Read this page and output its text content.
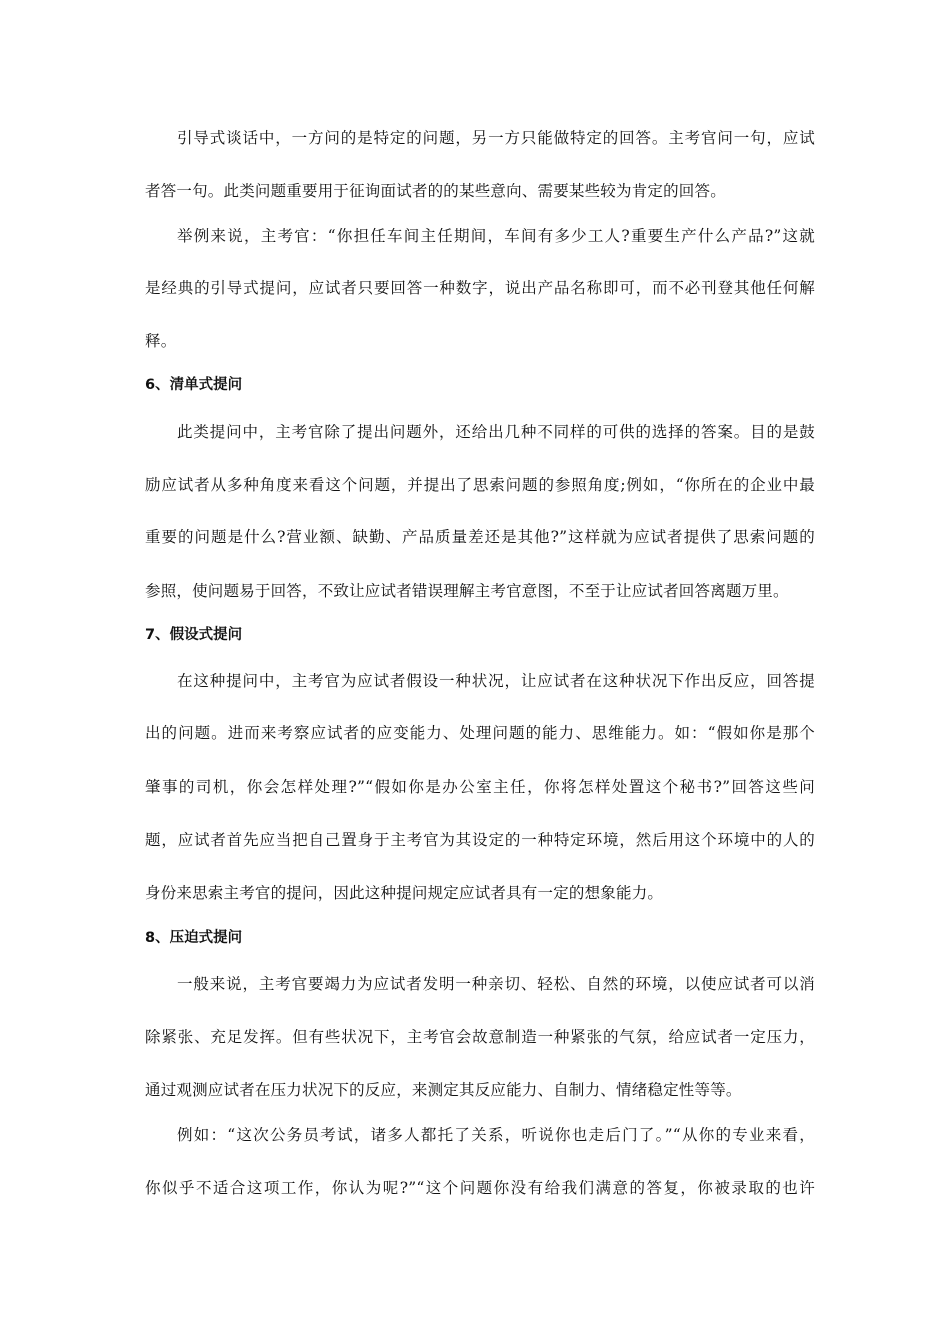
引导式谈话中，一方问的是特定的问题，另一方只能做特定的回答。主考官问一句，应试
者答一句。此类问题重要用于征询面试者的的某些意向、需要某些较为肯定的回答。
举例来说，主考官：“你担任车间主任期间，车间有多少工人?重要生产什么产品?”这就
是经典的引导式提问，应试者只要回答一种数字，说出产品名称即可，而不必刊登其他任何解
释。
6、清单式提问
此类提问中，主考官除了提出问题外，还给出几种不同样的可供的选择的答案。目的是鼓
励应试者从多种角度来看这个问题，并提出了思索问题的参照角度;例如，“你所在的企业中最
重要的问题是什么?营业额、缺勤、产品质量差还是其他?”这样就为应试者提供了思索问题的
参照，使问题易于回答，不致让应试者错误理解主考官意图，不至于让应试者回答离题万里。
7、假设式提问
在这种提问中，主考官为应试者假设一种状况，让应试者在这种状况下作出反应，回答提
出的问题。进而来考察应试者的应变能力、处理问题的能力、思维能力。如：“假如你是那个
肇事的司机，你会怎样处理?”“假如你是办公室主任，你将怎样处置这个秘书?”回答这些问
题，应试者首先应当把自己置身于主考官为其设定的一种特定环境，然后用这个环境中的人的
身份来思索主考官的提问，因此这种提问规定应试者具有一定的想象能力。
8、压迫式提问
一般来说，主考官要竭力为应试者发明一种亲切、轻松、自然的环境，以使应试者可以消
除紧张、充足发挥。但有些状况下，主考官会故意制造一种紧张的气氛，给应试者一定压力，
通过观测应试者在压力状况下的反应，来测定其反应能力、自制力、情绪稳定性等等。
例如：“这次公务员考试，诸多人都托了关系，听说你也走后门了。”“从你的专业来看，
你似乎不适合这项工作，你认为呢?”“这个问题你没有给我们满意的答复，你被录取的也许
